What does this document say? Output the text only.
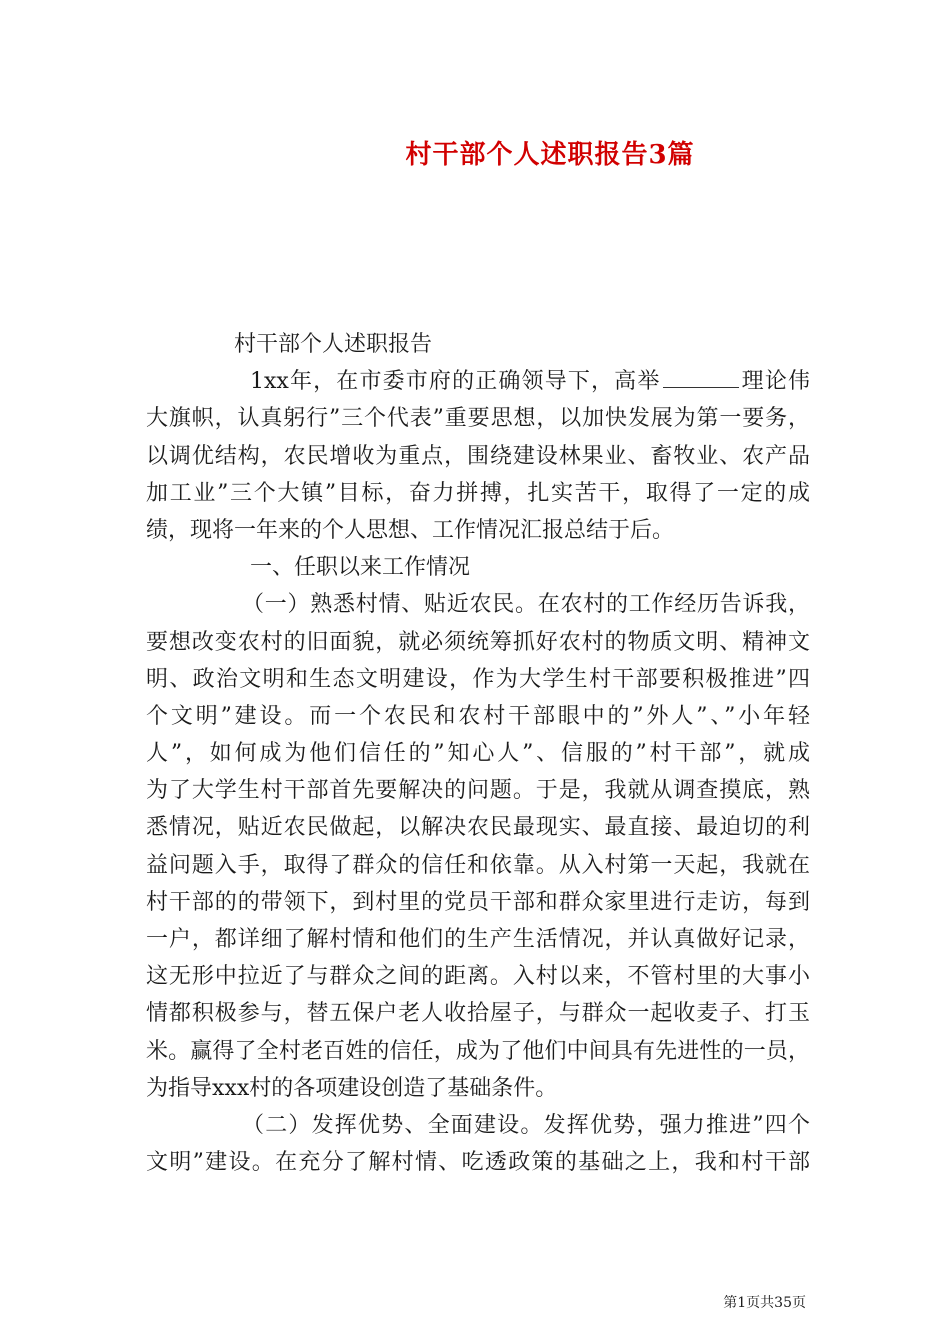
村干部个人述职报告3篇
村干部个人述职报告
1xx年，在市委市府的正确领导下，高举	理论伟
大旗帜，认真躬行”三个代表”重要思想，以加快发展为第一要务，
以调优结构，农民增收为重点，围绕建设林果业、畜牧业、农产品
加工业”三个大镇”目标，奋力拼搏，扎实苦干，取得了一定的成
绩，现将一年来的个人思想、工作情况汇报总结于后。
一、任职以来工作情况
（一）熟悉村情、贴近农民。在农村的工作经历告诉我，
要想改变农村的旧面貌，就必须统筹抓好农村的物质文明、精神文
明、政治文明和生态文明建设，作为大学生村干部要积极推进”四
个文明”建设。而一个农民和农村干部眼中的”外人”、”小年轻
人”，如何成为他们信任的”知心人”、信服的”村干部”，就成
为了大学生村干部首先要解决的问题。于是，我就从调查摸底，熟
悉情况，贴近农民做起，以解决农民最现实、最直接、最迫切的利
益问题入手，取得了群众的信任和依靠。从入村第一天起，我就在
村干部的的带领下，到村里的党员干部和群众家里进行走访，每到
一户，都详细了解村情和他们的生产生活情况，并认真做好记录，
这无形中拉近了与群众之间的距离。入村以来，不管村里的大事小
情都积极参与，替五保户老人收拾屋子，与群众一起收麦子、打玉
米。赢得了全村老百姓的信任，成为了他们中间具有先进性的一员，
为指导xxx村的各项建设创造了基础条件。
（二）发挥优势、全面建设。发挥优势，强力推进”四个
文明”建设。在充分了解村情、吃透政策的基础之上，我和村干部
第1页共35页
